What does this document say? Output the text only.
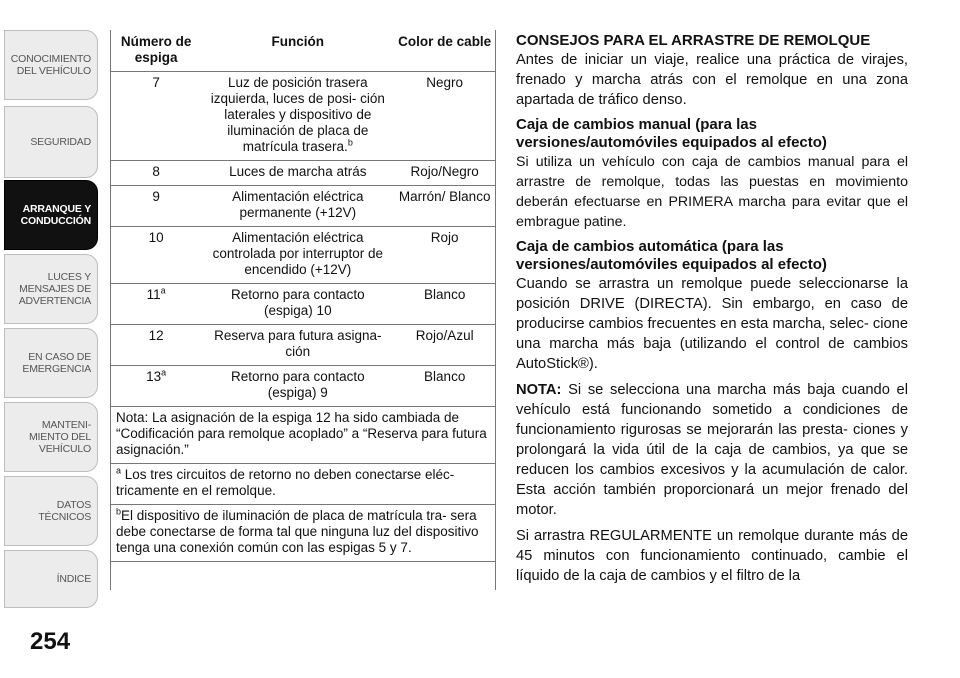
CONOCIMIENTO
DEL VEHÍCULO
SEGURIDAD
ARRANQUE Y
CONDUCCIÓN
LUCES Y
MENSAJES DE
ADVERTENCIA
EN CASO DE
EMERGENCIA
MANTENI-
MIENTO DEL
VEHÍCULO
DATOS
TÉCNICOS
ÍNDICE
254
Número de espiga	Función	Color de cable
7	Luz de posición trasera izquierda, luces de posi- ción laterales y dispositivo de iluminación de placa de matrícula trasera.$^b$	Negro
8	Luces de marcha atrás	Rojo/Negro
9	Alimentación eléctrica permanente (+12V)	Marrón/ Blanco
10	Alimentación eléctrica controlada por interruptor de encendido (+12V)	Rojo
11$^a$	Retorno para contacto (espiga) 10	Blanco
12	Reserva para futura asigna- ción	Rojo/Azul
13$^a$	Retorno para contacto (espiga) 9	Blanco
Nota: La asignación de la espiga 12 ha sido cambiada de “Codificación para remolque acoplado” a “Reserva para futura asignación.”		
$^a$ Los tres circuitos de retorno no deben conectarse eléc- tricamente en el remolque.		
$^b$El dispositivo de iluminación de placa de matrícula tra- sera debe conectarse de forma tal que ninguna luz del dispositivo tenga una conexión común con las espigas 5 y 7.		
CONSEJOS PARA EL ARRASTRE DE REMOLQUE

Antes de iniciar un viaje, realice una práctica de virajes, frenado y marcha atrás con el remolque en una zona apartada de tráfico denso.

Caja de cambios manual (para las versiones/automóviles equipados al efecto)

Si utiliza un vehículo con caja de cambios manual para el arrastre de remolque, todas las puestas en movimiento deberán efectuarse en PRIMERA marcha para evitar que el embrague patine.

Caja de cambios automática (para las versiones/automóviles equipados al efecto)

Cuando se arrastra un remolque puede seleccionarse la posición DRIVE (DIRECTA). Sin embargo, en caso de producirse cambios frecuentes en esta marcha, selec- cione una marcha más baja (utilizando el control de cambios AutoStick®).

NOTA: Si se selecciona una marcha más baja cuando el vehículo está funcionando sometido a condiciones de funcionamiento rigurosas se mejorarán las presta- ciones y prolongará la vida útil de la caja de cambios, ya que se reducen los cambios excesivos y la acumulación de calor. Esta acción también proporcionará un mejor frenado del motor.

Si arrastra REGULARMENTE un remolque durante más de 45 minutos con funcionamiento continuado, cambie el líquido de la caja de cambios y el filtro de la
